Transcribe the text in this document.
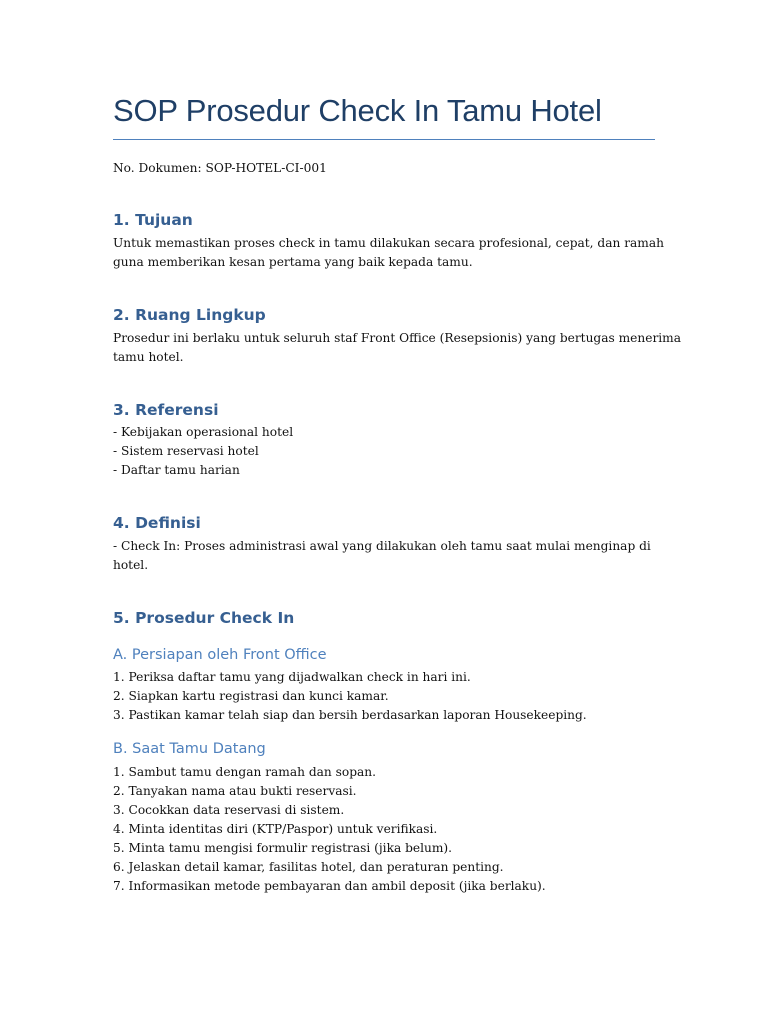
SOP Prosedur Check In Tamu Hotel

No. Dokumen: SOP-HOTEL-CI-001

1. Tujuan

Untuk memastikan proses check in tamu dilakukan secara profesional, cepat, dan ramah
guna memberikan kesan pertama yang baik kepada tamu.

2. Ruang Lingkup

Prosedur ini berlaku untuk seluruh staf Front Office (Resepsionis) yang bertugas menerima
tamu hotel.

3. Referensi

- Kebijakan operasional hotel
- Sistem reservasi hotel
- Daftar tamu harian

4. Definisi

- Check In: Proses administrasi awal yang dilakukan oleh tamu saat mulai menginap di
hotel.

5. Prosedur Check In
A. Persiapan oleh Front Office

1. Periksa daftar tamu yang dijadwalkan check in hari ini.
2. Siapkan kartu registrasi dan kunci kamar.
3. Pastikan kamar telah siap dan bersih berdasarkan laporan Housekeeping.

B. Saat Tamu Datang

1. Sambut tamu dengan ramah dan sopan.
2. Tanyakan nama atau bukti reservasi.
3. Cocokkan data reservasi di sistem.
4. Minta identitas diri (KTP/Paspor) untuk verifikasi.
5. Minta tamu mengisi formulir registrasi (jika belum).
6. Jelaskan detail kamar, fasilitas hotel, dan peraturan penting.
7. Informasikan metode pembayaran dan ambil deposit (jika berlaku).
